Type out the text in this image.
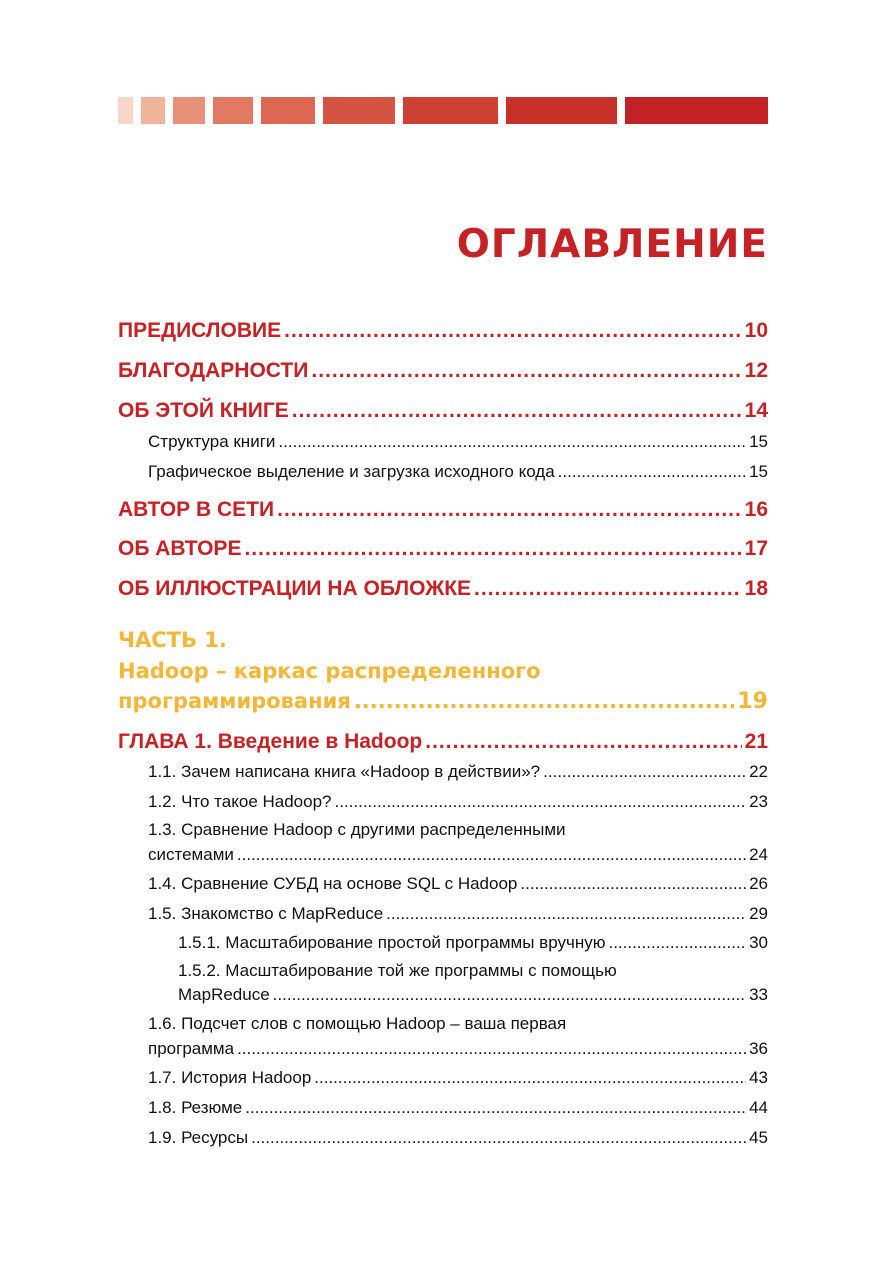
ОГЛАВЛЕНИЕ
ПРЕДИСЛОВИЕ .....	10
БЛАГОДАРНОСТИ .....	12
ОБ ЭТОЙ КНИГЕ .....	14
Структура книги .....	15
Графическое выделение и загрузка исходного кода .....	15
АВТОР В СЕТИ .....	16
ОБ АВТОРЕ .....	17
ОБ ИЛЛЮСТРАЦИИ НА ОБЛОЖКЕ .....	18
ЧАСТЬ 1.
Hadoop – каркас распределенного
программирования .....	19
ГЛАВА 1. Введение в Hadoop .....	21
1.1. Зачем написана книга «Hadoop в действии»? .....	22
1.2. Что такое Hadoop? .....	23
1.3. Сравнение Hadoop с другими распределенными
системами .....	24
1.4. Сравнение СУБД на основе SQL с Hadoop .....	26
1.5. Знакомство с MapReduce .....	29
1.5.1. Масштабирование простой программы вручную .....	30
1.5.2. Масштабирование той же программы с помощью
MapReduce .....	33
1.6. Подсчет слов с помощью Hadoop – ваша первая
программа .....	36
1.7. История Hadoop .....	43
1.8. Резюме .....	44
1.9. Ресурсы .....	45
